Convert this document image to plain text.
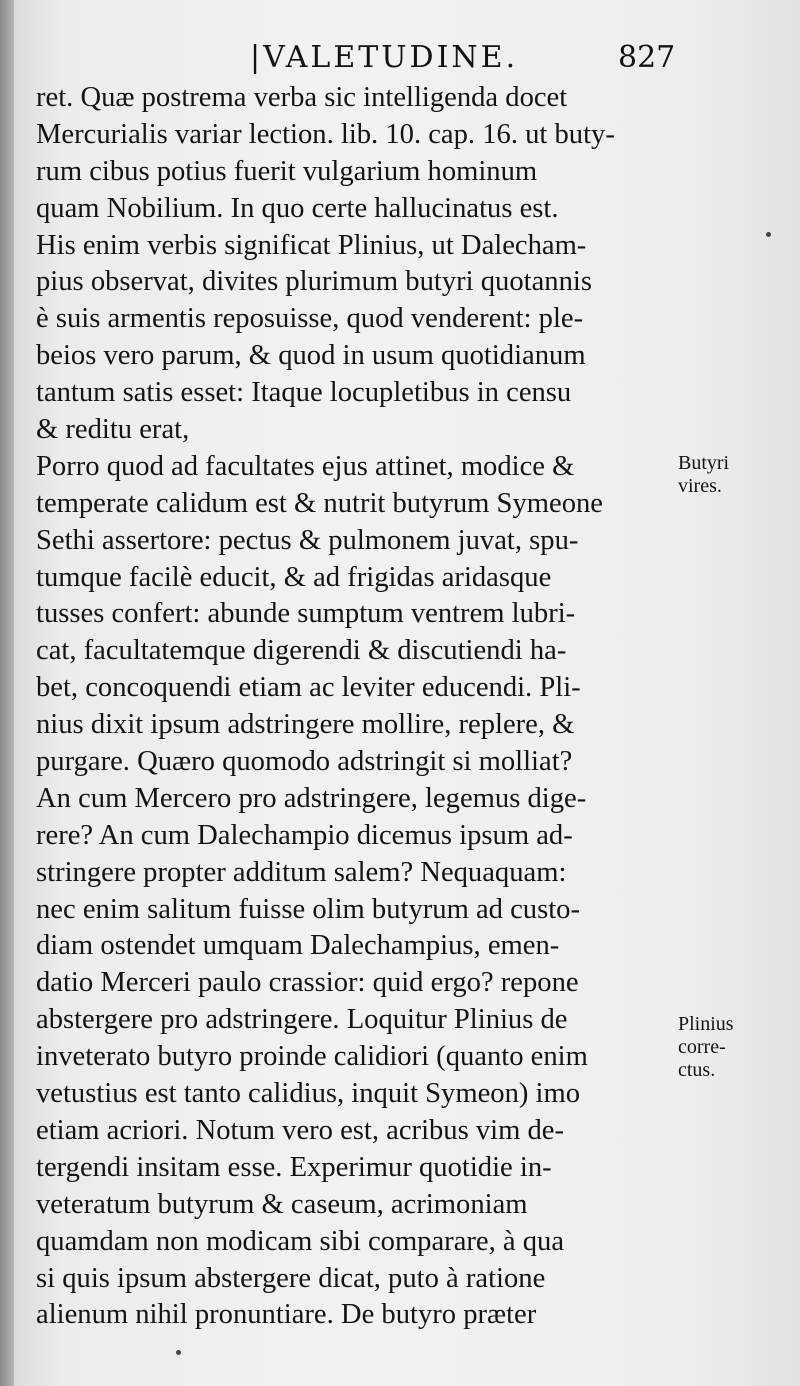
|VALETUDINE.	827
ret. Quæ postrema verba sic intelligenda docet
Mercurialis variar lection. lib. 10. cap. 16. ut buty-
rum cibus potius fuerit vulgarium hominum
quam Nobilium. In quo certe hallucinatus est.
His enim verbis significat Plinius, ut Dalecham-
pius observat, divites plurimum butyri quotannis
è suis armentis reposuisse, quod venderent: ple-
beios vero parum, & quod in usum quotidianum
tantum satis esset: Itaque locupletibus in censu
& reditu erat,
Porro quod ad facultates ejus attinet, modice &
temperate calidum est & nutrit butyrum Symeone
Sethi assertore: pectus & pulmonem juvat, spu-
tumque facilè educit, & ad frigidas aridasque
tusses confert: abunde sumptum ventrem lubri-
cat, facultatemque digerendi & discutiendi ha-
bet, concoquendi etiam ac leviter educendi. Pli-
nius dixit ipsum adstringere mollire, replere, &
purgare. Quæro quomodo adstringit si molliat?
An cum Mercero pro adstringere, legemus dige-
rere? An cum Dalechampio dicemus ipsum ad-
stringere propter additum salem? Nequaquam:
nec enim salitum fuisse olim butyrum ad custo-
diam ostendet umquam Dalechampius, emen-
datio Merceri paulo crassior: quid ergo? repone
abstergere pro adstringere. Loquitur Plinius de
inveterato butyro proinde calidiori (quanto enim
vetustius est tanto calidius, inquit Symeon) imo
etiam acriori. Notum vero est, acribus vim de-
tergendi insitam esse. Experimur quotidie in-
veteratum butyrum & caseum, acrimoniam
quamdam non modicam sibi comparare, à qua
si quis ipsum abstergere dicat, puto à ratione
alienum nihil pronuntiare. De butyro præter
Butyri
vires.
Plinius
corre-
ctus.
